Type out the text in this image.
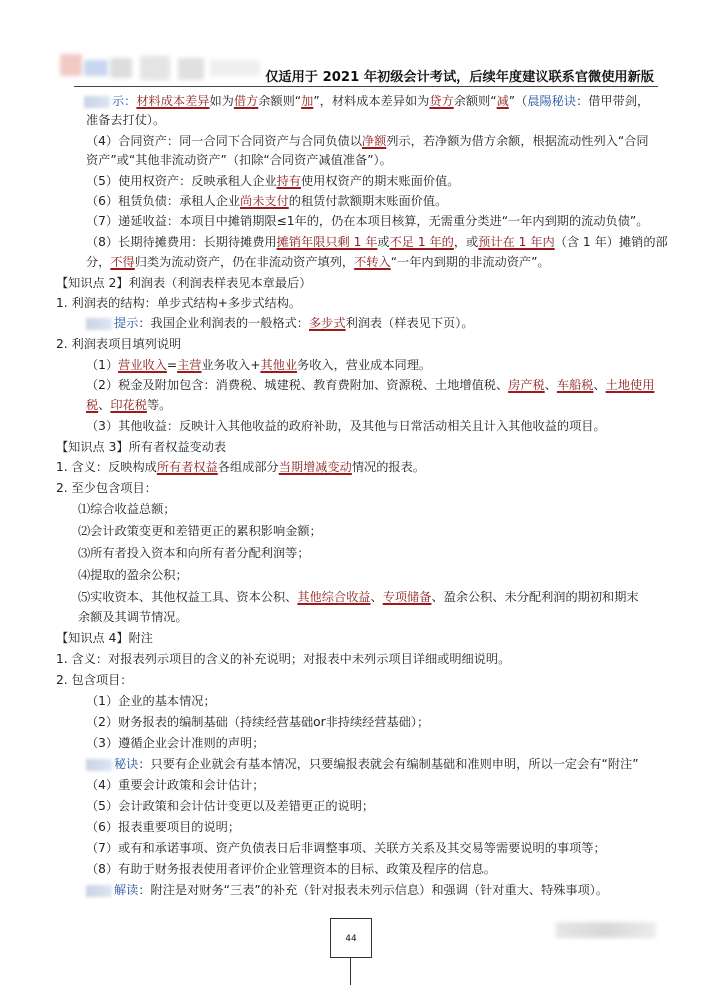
仅适用于 2021 年初级会计考试，后续年度建议联系官微使用新版
示：材料成本差异如为借方余额则“加”，材料成本差异如为贷方余额则“减”（晨陽秘诀：借甲带剑，
准备去打仗）。
（4）合同资产：同一合同下合同资产与合同负债以净额列示，若净额为借方余额，根据流动性列入“合同
资产”或“其他非流动资产”（扣除“合同资产减值准备”）。
（5）使用权资产：反映承租人企业持有使用权资产的期末账面价值。
（6）租赁负债：承租人企业尚未支付的租赁付款额期末账面价值。
（7）递延收益：本项目中摊销期限≤1年的，仍在本项目核算，无需重分类进“一年内到期的流动负债”。
（8）长期待摊费用：长期待摊费用摊销年限只剩 1 年或不足 1 年的，或预计在 1 年内（含 1 年）摊销的部
分，不得归类为流动资产，仍在非流动资产填列，不转入“一年内到期的非流动资产”。
【知识点 2】利润表（利润表样表见本章最后）
1. 利润表的结构：单步式结构+多步式结构。
提示：我国企业利润表的一般格式：多步式利润表（样表见下页）。
2. 利润表项目填列说明
（1）营业收入=主营业务收入+其他业务收入，营业成本同理。
（2）税金及附加包含：消费税、城建税、教育费附加、资源税、土地增值税、房产税、车船税、土地使用
税、印花税等。
（3）其他收益：反映计入其他收益的政府补助，及其他与日常活动相关且计入其他收益的项目。
【知识点 3】所有者权益变动表
1. 含义：反映构成所有者权益各组成部分当期增减变动情况的报表。
2. 至少包含项目：
⑴综合收益总额；
⑵会计政策变更和差错更正的累积影响金额；
⑶所有者投入资本和向所有者分配利润等；
⑷提取的盈余公积；
⑸实收资本、其他权益工具、资本公积、其他综合收益、专项储备、盈余公积、未分配利润的期初和期末
余额及其调节情况。
【知识点 4】附注
1. 含义：对报表列示项目的含义的补充说明；对报表中未列示项目详细或明细说明。
2. 包含项目：
（1）企业的基本情况；
（2）财务报表的编制基础（持续经营基础or非持续经营基础）；
（3）遵循企业会计准则的声明；
秘诀：只要有企业就会有基本情况，只要编报表就会有编制基础和准则申明，所以一定会有“附注”
（4）重要会计政策和会计估计；
（5）会计政策和会计估计变更以及差错更正的说明；
（6）报表重要项目的说明；
（7）或有和承诺事项、资产负债表日后非调整事项、关联方关系及其交易等需要说明的事项等；
（8）有助于财务报表使用者评价企业管理资本的目标、政策及程序的信息。
解读：附注是对财务“三表”的补充（针对报表未列示信息）和强调（针对重大、特殊事项）。
44
